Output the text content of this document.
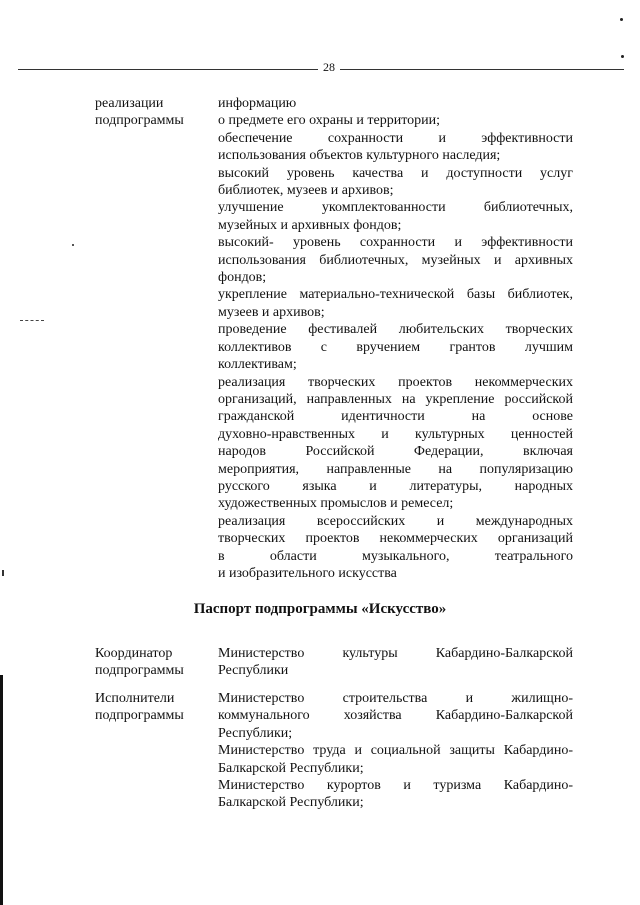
28
реализации
подпрограммы
информацию
о предмете его охраны и территории;
обеспечение сохранности и эффективности
использования объектов культурного наследия;
высокий уровень качества и доступности услуг
библиотек, музеев и архивов;
улучшение укомплектованности библиотечных,
музейных и архивных фондов;
высокий- уровень сохранности и эффективности
использования библиотечных, музейных и архивных
фондов;
укрепление материально-технической базы библиотек,
музеев и архивов;
проведение фестивалей любительских творческих
коллективов с вручением грантов лучшим
коллективам;
реализация творческих проектов некоммерческих
организаций, направленных на укрепление российской
гражданской идентичности на основе
духовно-нравственных и культурных ценностей
народов Российской Федерации, включая
мероприятия, направленные на популяризацию
русского языка и литературы, народных
художественных промыслов и ремесел;
реализация всероссийских и международных
творческих проектов некоммерческих организаций
в области музыкального, театрального
и изобразительного искусства
Паспорт подпрограммы «Искусство»
Координатор
подпрограммы
Министерство культуры Кабардино-Балкарской
Республики
Исполнители
подпрограммы
Министерство строительства и жилищно-
коммунального хозяйства Кабардино-Балкарской
Республики;
Министерство труда и социальной защиты Кабардино-
Балкарской Республики;
Министерство курортов и туризма Кабардино-
Балкарской Республики;
